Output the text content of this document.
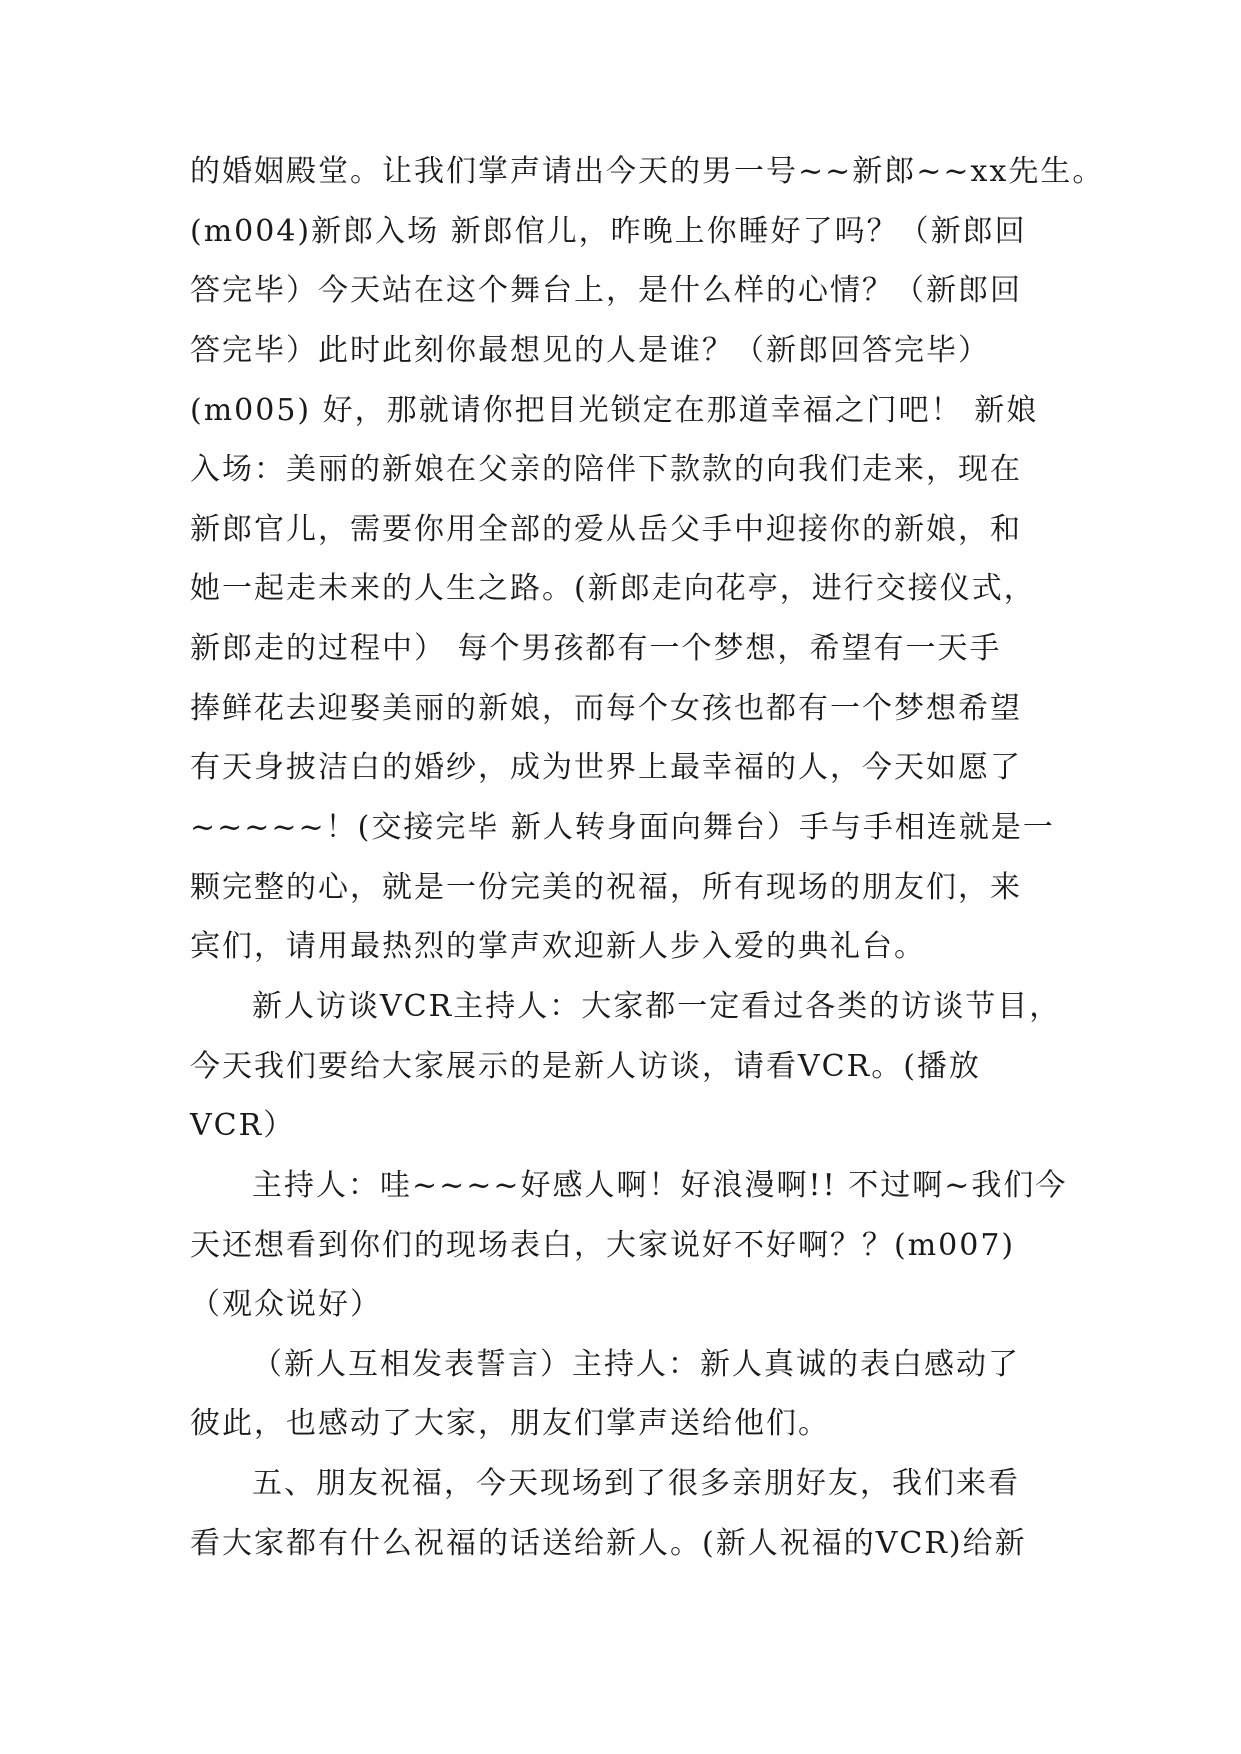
的婚姻殿堂。让我们掌声请出今天的男一号~~新郎~~xx先生。
(m004)新郎入场 新郎倌儿，昨晚上你睡好了吗？（新郎回
答完毕）今天站在这个舞台上，是什么样的心情？（新郎回
答完毕）此时此刻你最想见的人是谁？（新郎回答完毕）
(m005) 好，那就请你把目光锁定在那道幸福之门吧！ 新娘
入场：美丽的新娘在父亲的陪伴下款款的向我们走来，现在
新郎官儿，需要你用全部的爱从岳父手中迎接你的新娘，和
她一起走未来的人生之路。(新郎走向花亭，进行交接仪式，
新郎走的过程中） 每个男孩都有一个梦想，希望有一天手
捧鲜花去迎娶美丽的新娘，而每个女孩也都有一个梦想希望
有天身披洁白的婚纱，成为世界上最幸福的人，今天如愿了
~~~~~！(交接完毕 新人转身面向舞台）手与手相连就是一
颗完整的心，就是一份完美的祝福，所有现场的朋友们，来
宾们，请用最热烈的掌声欢迎新人步入爱的典礼台。
新人访谈VCR主持人：大家都一定看过各类的访谈节目，
今天我们要给大家展示的是新人访谈，请看VCR。(播放
VCR）
主持人：哇~~~~好感人啊！好浪漫啊!! 不过啊~我们今
天还想看到你们的现场表白，大家说好不好啊？？(m007)
（观众说好）
（新人互相发表誓言）主持人：新人真诚的表白感动了
彼此，也感动了大家，朋友们掌声送给他们。
五、朋友祝福，今天现场到了很多亲朋好友，我们来看
看大家都有什么祝福的话送给新人。(新人祝福的VCR)给新
